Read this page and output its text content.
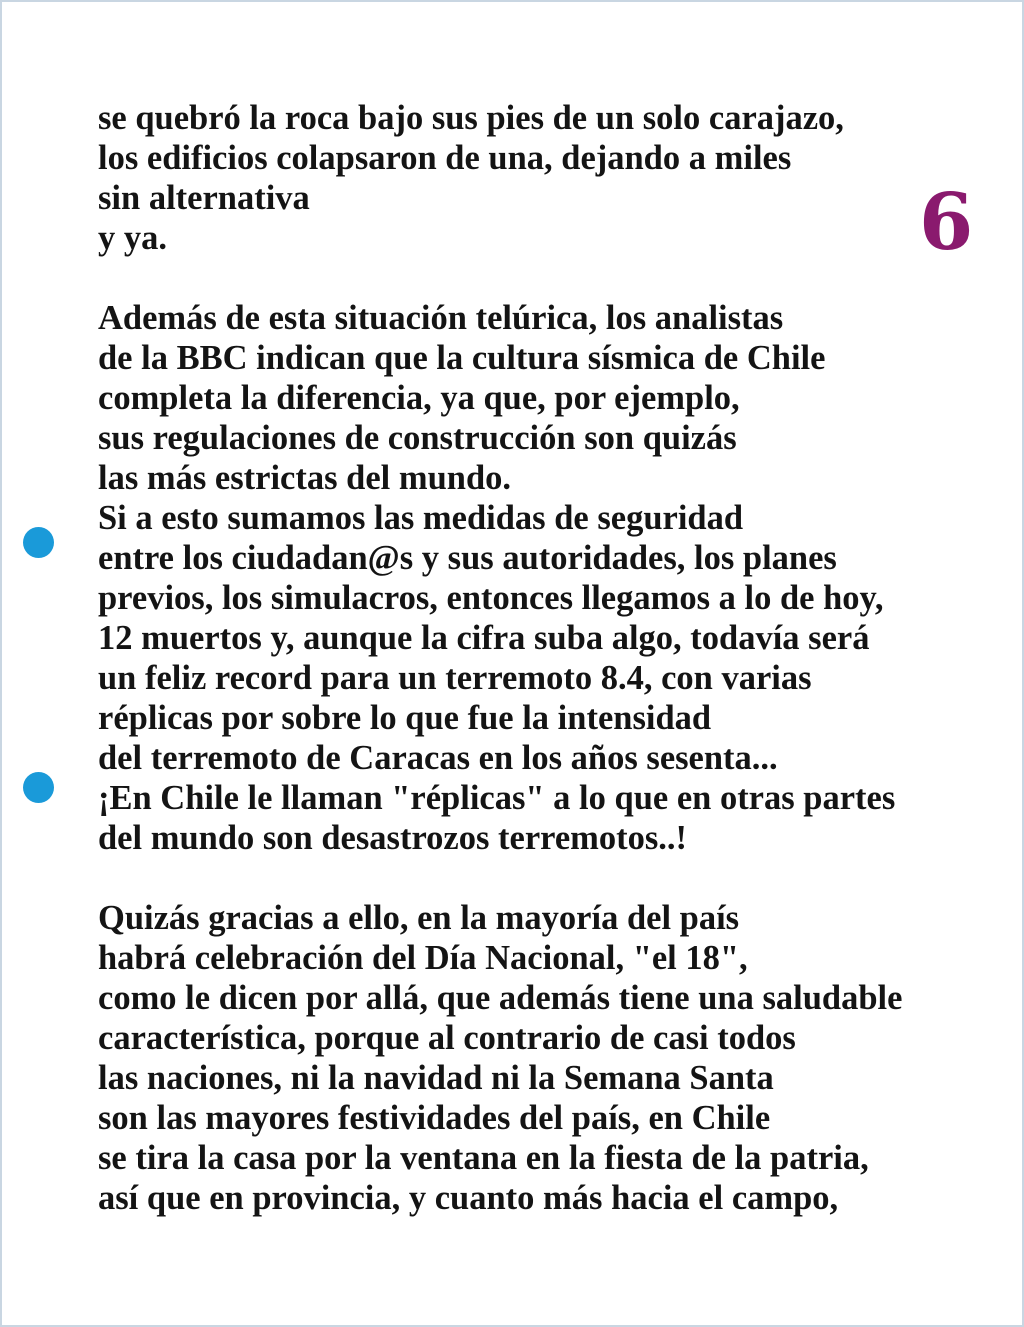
se quebró la roca bajo sus pies de un solo carajazo,
los edificios colapsaron de una, dejando a miles
sin alternativa
y ya.

Además de esta situación telúrica, los analistas
de la BBC indican que la cultura sísmica de Chile
completa la diferencia, ya que, por ejemplo,
sus regulaciones de construcción son quizás
las más estrictas del mundo.
Si a esto sumamos las medidas de seguridad
entre los ciudadan@s y sus autoridades, los planes
previos, los simulacros, entonces llegamos a lo de hoy,
12 muertos y, aunque la cifra suba algo, todavía será
un feliz record para un terremoto 8.4, con varias
réplicas por sobre lo que fue la intensidad
del terremoto de Caracas en los años sesenta...
¡En Chile le llaman "réplicas" a lo que en otras partes
del mundo son desastrozos terremotos..!

Quizás gracias a ello, en la mayoría del país
habrá celebración del Día Nacional, "el 18",
como le dicen por allá, que además tiene una saludable
característica, porque al contrario de casi todos
las naciones, ni la navidad ni la Semana Santa
son las mayores festividades del país, en Chile
se tira la casa por la ventana en la fiesta de la patria,
así que en provincia, y cuanto más hacia el campo,

6
